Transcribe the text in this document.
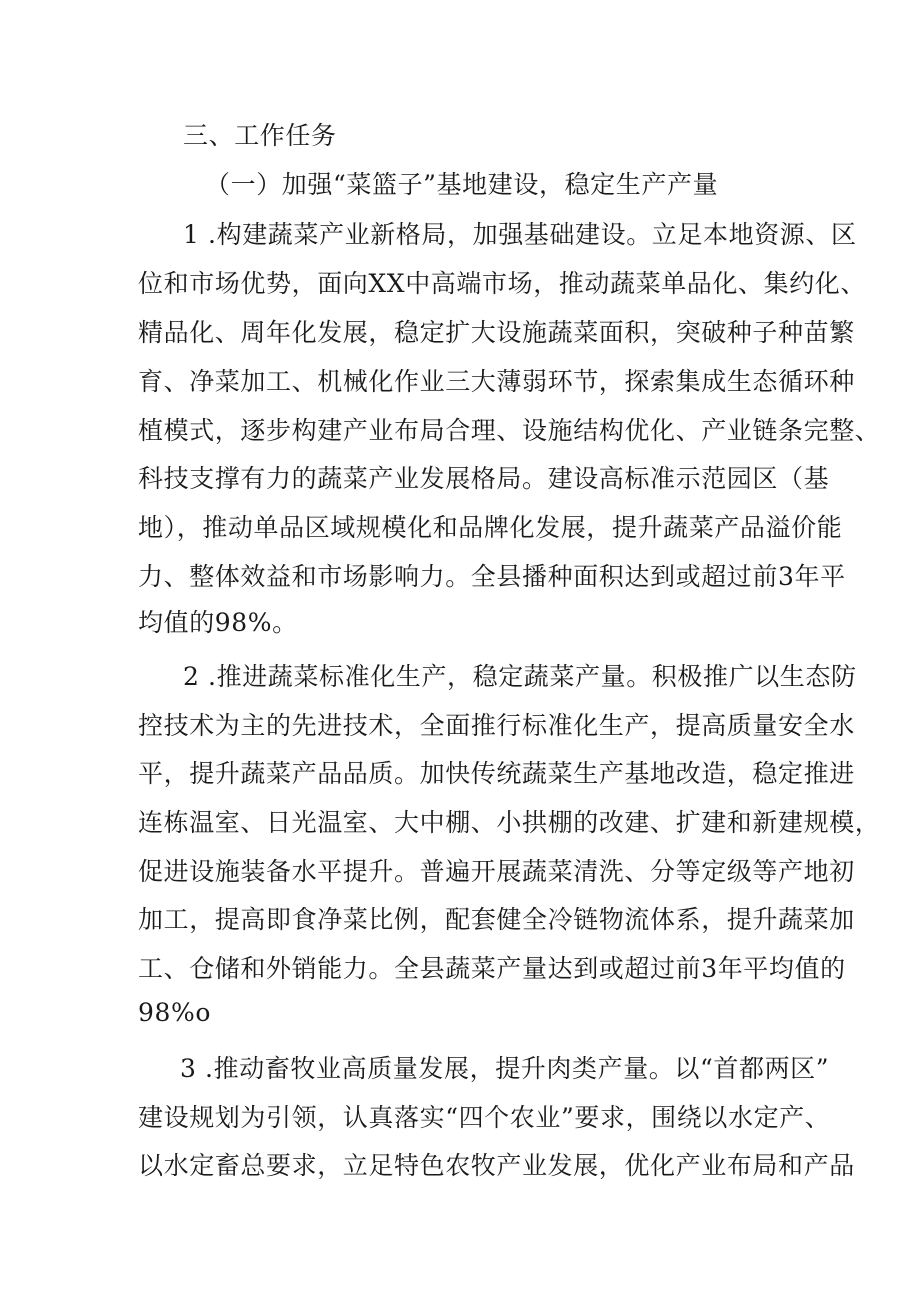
三、工作任务
（一）加强“菜篮子”基地建设，稳定生产产量
1 .构建蔬菜产业新格局，加强基础建设。立足本地资源、区
位和市场优势，面向XX中高端市场，推动蔬菜单品化、集约化、
精品化、周年化发展，稳定扩大设施蔬菜面积，突破种子种苗繁
育、净菜加工、机械化作业三大薄弱环节，探索集成生态循环种
植模式，逐步构建产业布局合理、设施结构优化、产业链条完整、
科技支撑有力的蔬菜产业发展格局。建设高标准示范园区（基
地），推动单品区域规模化和品牌化发展，提升蔬菜产品溢价能
力、整体效益和市场影响力。全县播种面积达到或超过前3年平
均值的98%。
2 .推进蔬菜标准化生产，稳定蔬菜产量。积极推广以生态防
控技术为主的先进技术，全面推行标准化生产，提高质量安全水
平，提升蔬菜产品品质。加快传统蔬菜生产基地改造，稳定推进
连栋温室、日光温室、大中棚、小拱棚的改建、扩建和新建规模，
促进设施装备水平提升。普遍开展蔬菜清洗、分等定级等产地初
加工，提高即食净菜比例，配套健全冷链物流体系，提升蔬菜加
工、仓储和外销能力。全县蔬菜产量达到或超过前3年平均值的
98%o
3 .推动畜牧业高质量发展，提升肉类产量。以“首都两区”
建设规划为引领，认真落实“四个农业”要求，围绕以水定产、
以水定畜总要求，立足特色农牧产业发展，优化产业布局和产品
